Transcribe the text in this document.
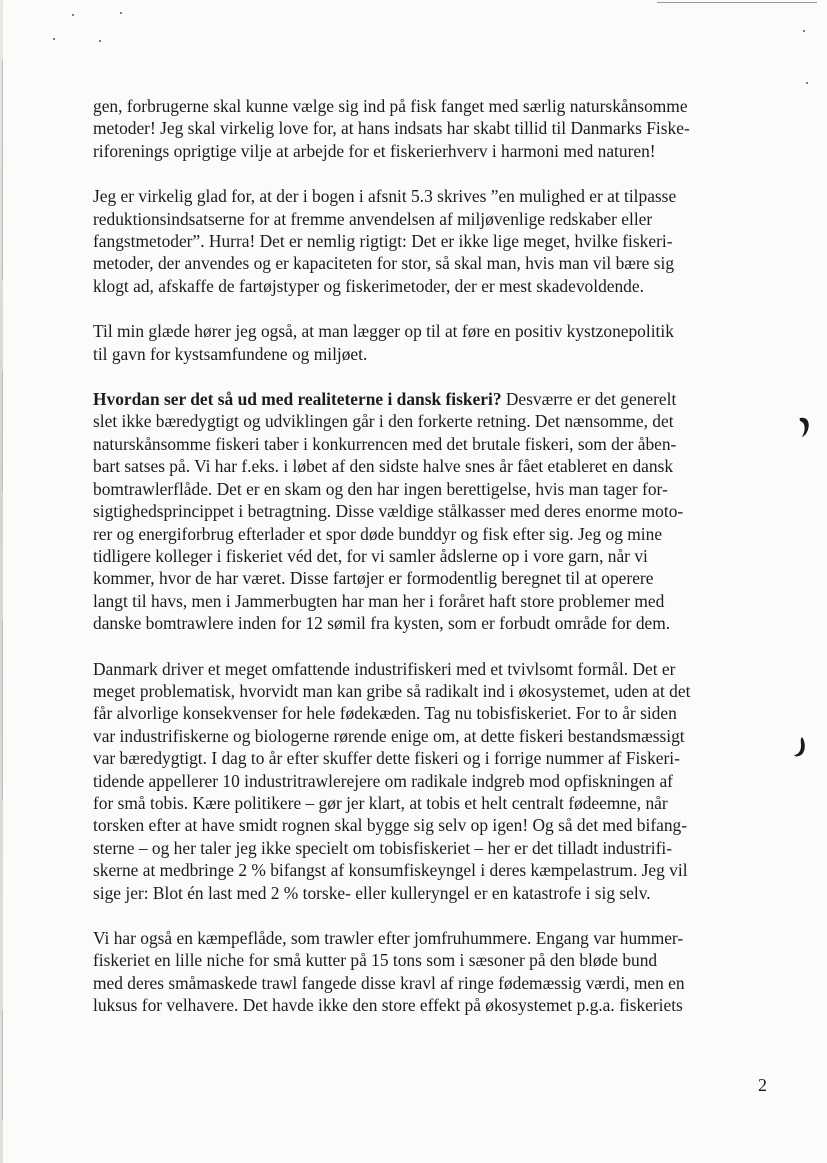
gen, forbrugerne skal kunne vælge sig ind på fisk fanget med særlig naturskånsomme
metoder! Jeg skal virkelig love for, at hans indsats har skabt tillid til Danmarks Fiske-
riforenings oprigtige vilje at arbejde for et fiskerierhverv i harmoni med naturen!
Jeg er virkelig glad for, at der i bogen i afsnit 5.3 skrives ”en mulighed er at tilpasse
reduktionsindsatserne for at fremme anvendelsen af miljøvenlige redskaber eller
fangstmetoder”. Hurra! Det er nemlig rigtigt: Det er ikke lige meget, hvilke fiskeri-
metoder, der anvendes og er kapaciteten for stor, så skal man, hvis man vil bære sig
klogt ad, afskaffe de fartøjstyper og fiskerimetoder, der er mest skadevoldende.
Til min glæde hører jeg også, at man lægger op til at føre en positiv kystzonepolitik
til gavn for kystsamfundene og miljøet.
Hvordan ser det så ud med realiteterne i dansk fiskeri? Desværre er det generelt
slet ikke bæredygtigt og udviklingen går i den forkerte retning. Det nænsomme, det
naturskånsomme fiskeri taber i konkurrencen med det brutale fiskeri, som der åben-
bart satses på. Vi har f.eks. i løbet af den sidste halve snes år fået etableret en dansk
bomtrawlerflåde. Det er en skam og den har ingen berettigelse, hvis man tager for-
sigtighedsprincippet i betragtning. Disse vældige stålkasser med deres enorme moto-
rer og energiforbrug efterlader et spor døde bunddyr og fisk efter sig. Jeg og mine
tidligere kolleger i fiskeriet véd det, for vi samler ådslerne op i vore garn, når vi
kommer, hvor de har været. Disse fartøjer er formodentlig beregnet til at operere
langt til havs, men i Jammerbugten har man her i foråret haft store problemer med
danske bomtrawlere inden for 12 sømil fra kysten, som er forbudt område for dem.
Danmark driver et meget omfattende industrifiskeri med et tvivlsomt formål. Det er
meget problematisk, hvorvidt man kan gribe så radikalt ind i økosystemet, uden at det
får alvorlige konsekvenser for hele fødekæden. Tag nu tobisfiskeriet. For to år siden
var industrifiskerne og biologerne rørende enige om, at dette fiskeri bestandsmæssigt
var bæredygtigt. I dag to år efter skuffer dette fiskeri og i forrige nummer af Fiskeri-
tidende appellerer 10 industritrawlerejere om radikale indgreb mod opfiskningen af
for små tobis. Kære politikere – gør jer klart, at tobis et helt centralt fødeemne, når
torsken efter at have smidt rognen skal bygge sig selv op igen! Og så det med bifang-
sterne – og her taler jeg ikke specielt om tobisfiskeriet – her er det tilladt industrifi-
skerne at medbringe 2 % bifangst af konsumfiskeyngel i deres kæmpelastrum. Jeg vil
sige jer: Blot én last med 2 % torske- eller kulleryngel er en katastrofe i sig selv.
Vi har også en kæmpeflåde, som trawler efter jomfruhummere. Engang var hummer-
fiskeriet en lille niche for små kutter på 15 tons som i sæsoner på den bløde bund
med deres småmaskede trawl fangede disse kravl af ringe fødemæssig værdi, men en
luksus for velhavere. Det havde ikke den store effekt på økosystemet p.g.a. fiskeriets
2
